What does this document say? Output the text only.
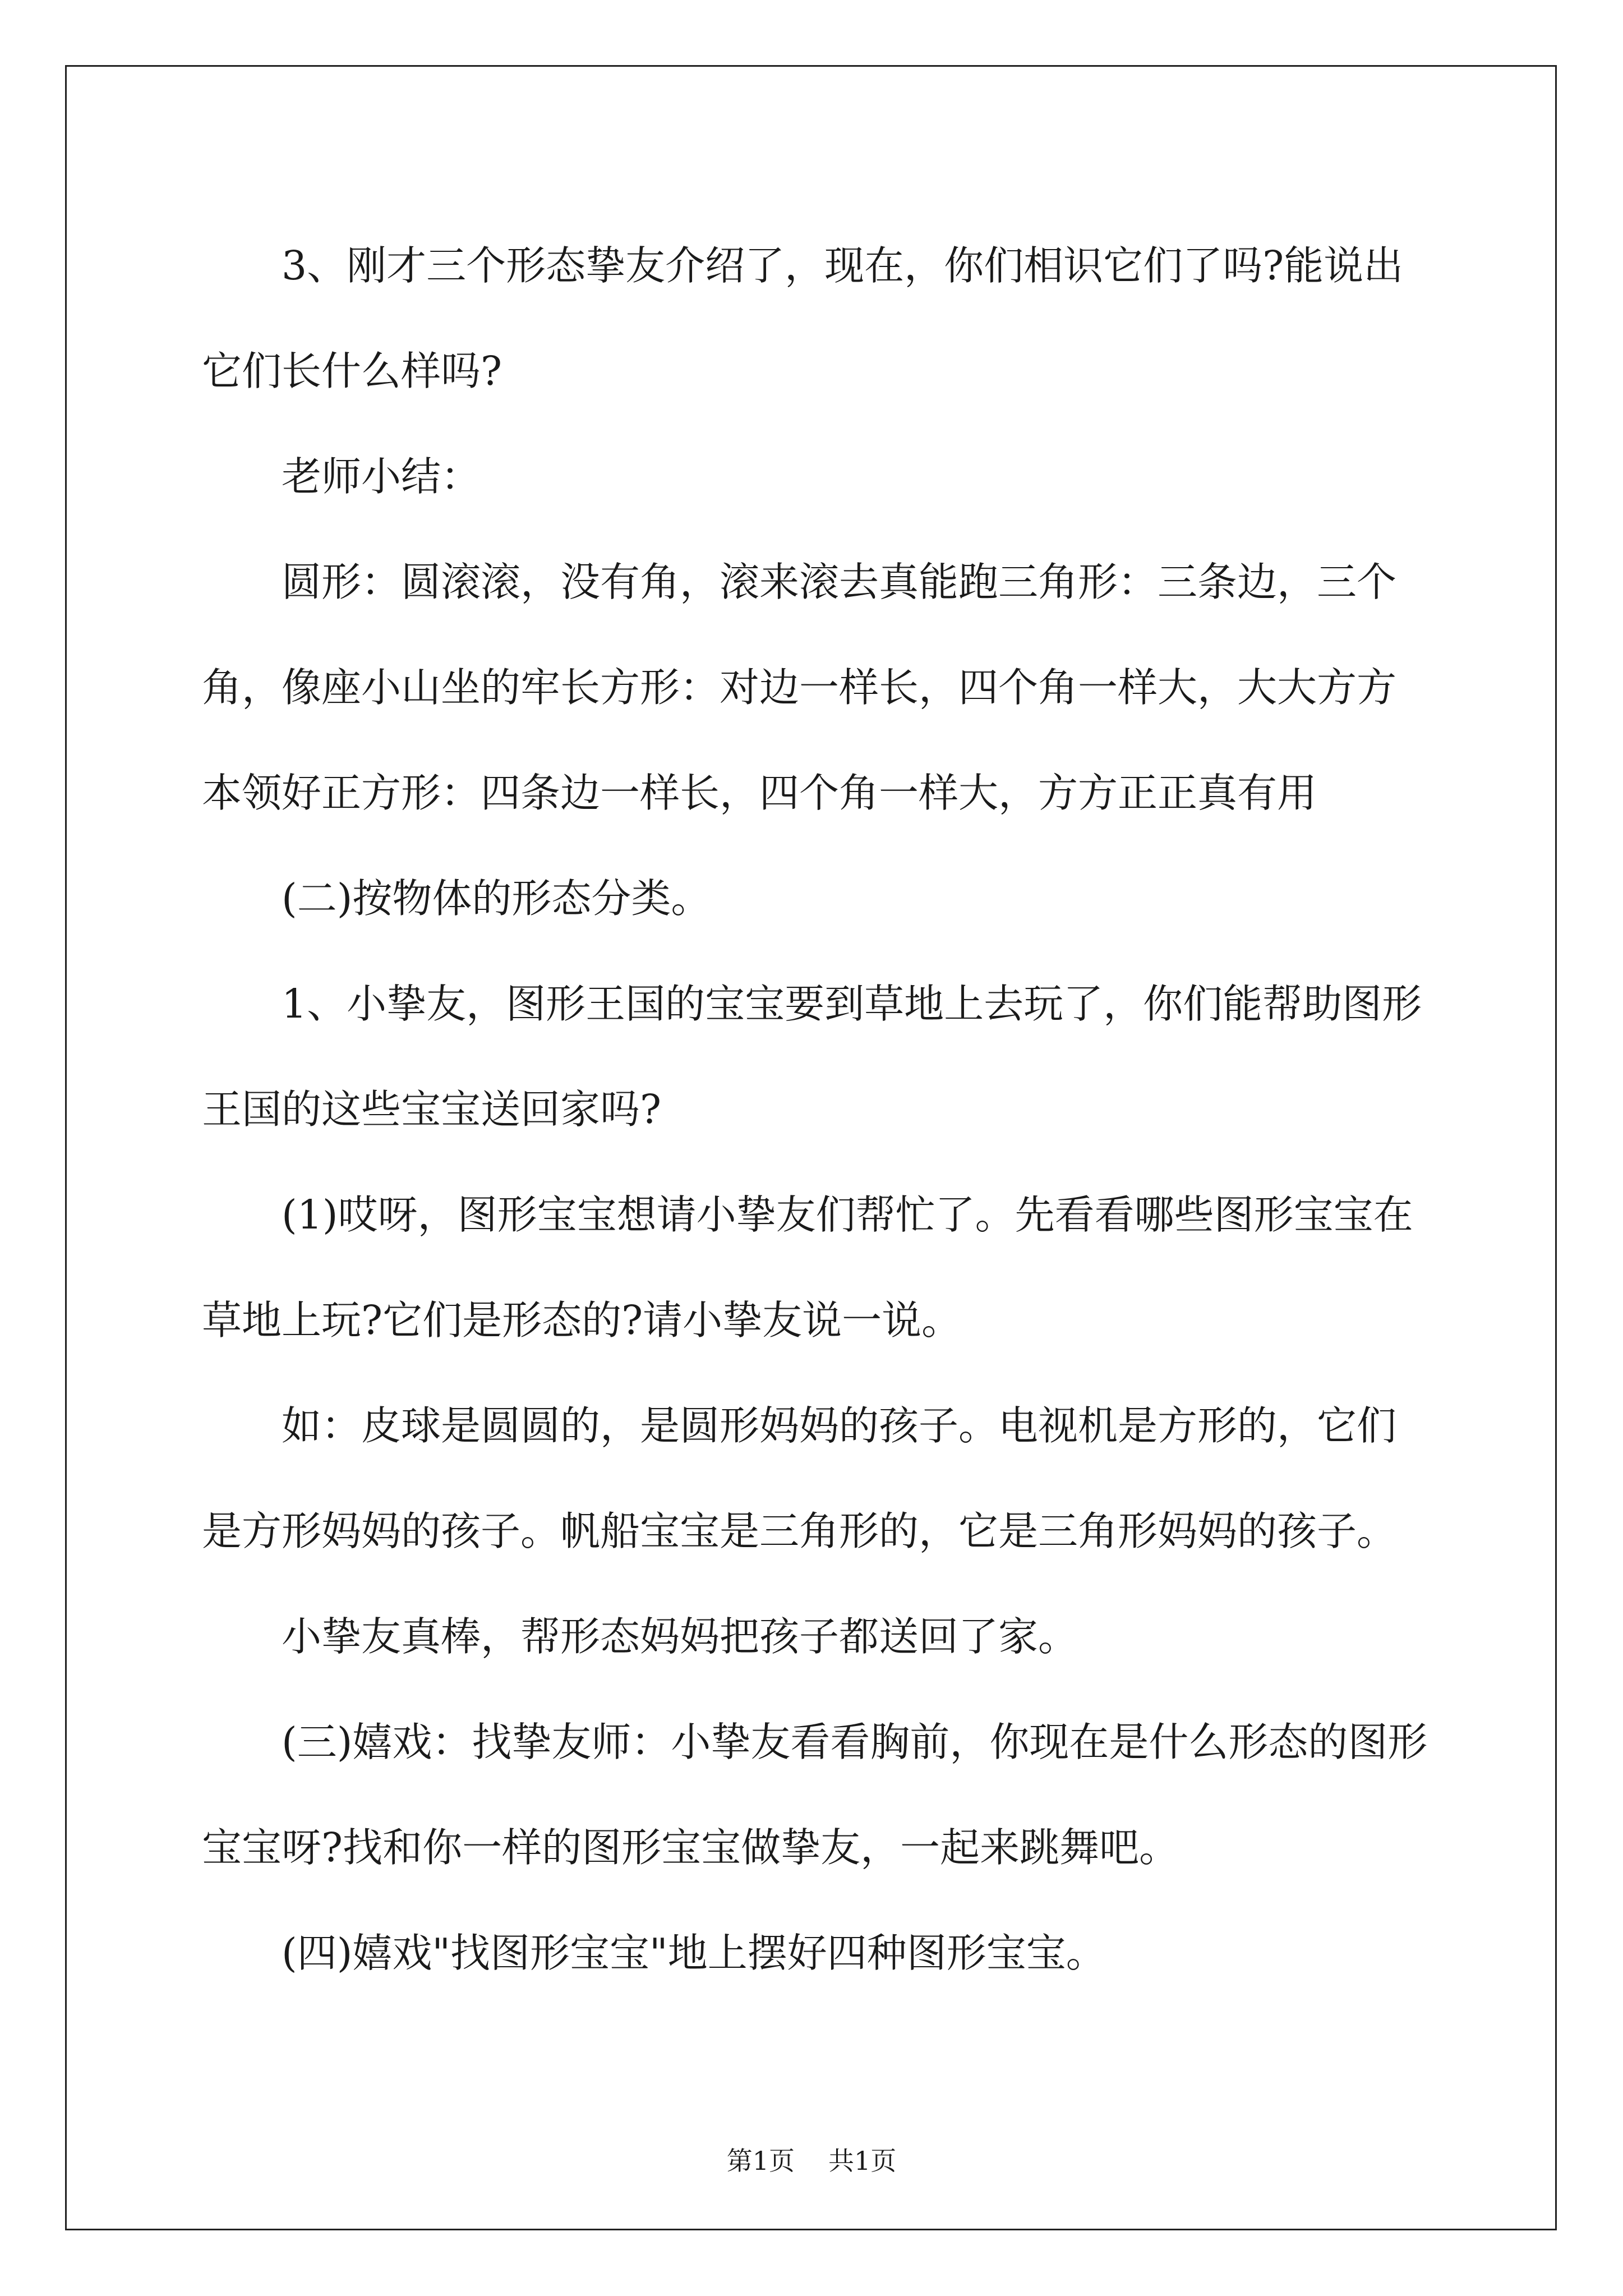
3、刚才三个形态挚友介绍了，现在，你们相识它们了吗?能说出它们长什么样吗?

老师小结：

圆形：圆滚滚，没有角，滚来滚去真能跑三角形：三条边，三个角，像座小山坐的牢长方形：对边一样长，四个角一样大，大大方方本领好正方形：四条边一样长，四个角一样大，方方正正真有用

(二)按物体的形态分类。

1、小挚友，图形王国的宝宝要到草地上去玩了，你们能帮助图形王国的这些宝宝送回家吗?

(1)哎呀，图形宝宝想请小挚友们帮忙了。先看看哪些图形宝宝在草地上玩?它们是形态的?请小挚友说一说。

如：皮球是圆圆的，是圆形妈妈的孩子。电视机是方形的，它们是方形妈妈的孩子。帆船宝宝是三角形的，它是三角形妈妈的孩子。

小挚友真棒，帮形态妈妈把孩子都送回了家。

(三)嬉戏：找挚友师：小挚友看看胸前，你现在是什么形态的图形宝宝呀?找和你一样的图形宝宝做挚友，一起来跳舞吧。

(四)嬉戏"找图形宝宝"地上摆好四种图形宝宝。

第1页 共1页
